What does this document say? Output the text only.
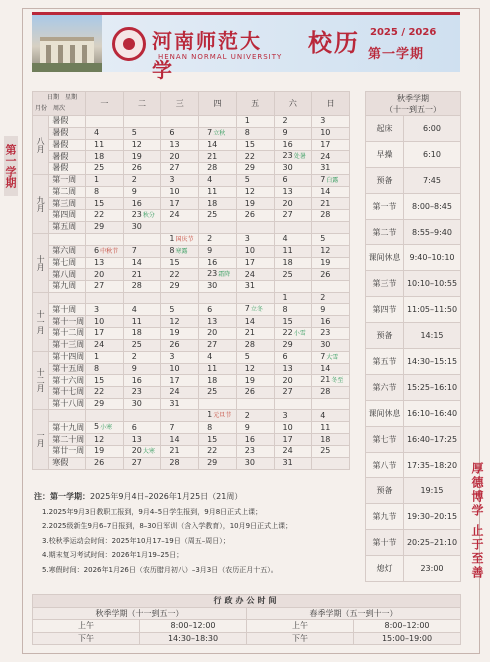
河南师范大学
HENAN NORMAL UNIVERSITY 校历 2025 / 2026
第一学期
第一学期
厚德博学 止于至善
日期　星期
月份　周次		一	二	三	四	五	六	日
八月	暑假					1	2	3
	暑假	4	5	6	7立秋	8	9	10
	暑假	11	12	13	14	15	16	17
	暑假	18	19	20	21	22	23处暑	24
	暑假	25	26	27	28	29	30	31
九月	第一周	1	2	3	4	5	6	7白露
	第二周	8	9	10	11	12	13	14
	第三周	15	16	17	18	19	20	21
	第四周	22	23秋分	24	25	26	27	28
	第五周	29	30					
十月				1国庆节	2	3	4	5
	第六周	6中秋节	7	8寒露	9	10	11	12
	第七周	13	14	15	16	17	18	19
	第八周	20	21	22	23霜降	24	25	26
	第九周	27	28	29	30	31		
十一月							1	2
	第十周	3	4	5	6	7立冬	8	9
	第十一周	10	11	12	13	14	15	16
	第十二周	17	18	19	20	21	22小雪	23
	第十三周	24	25	26	27	28	29	30
十二月	第十四周	1	2	3	4	5	6	7大雪
	第十五周	8	9	10	11	12	13	14
	第十六周	15	16	17	18	19	20	21冬至
	第十七周	22	23	24	25	26	27	28
	第十八周	29	30	31				
一月					1元旦节	2	3	4
	第十九周	5小寒	6	7	8	9	10	11
	第二十周	12	13	14	15	16	17	18
	第廿一周	19	20大寒	21	22	23	24	25
	寒假	26	27	28	29	30	31	
秋季学期
（十一到五一）	

起床	6:00
早操	6:10
预备	7:45
第一节	8:00–8:45
第二节	8:55–9:40
课间休息	9:40–10:10
第三节	10:10–10:55
第四节	11:05–11:50
预备	14:15
第五节	14:30–15:15
第六节	15:25–16:10
课间休息	16:10–16:40
第七节	16:40–17:25
第八节	17:35–18:20
预备	19:15
第九节	19:30–20:15
第十节	20:25–21:10
熄灯	23:00
注：第一学期：2025年9月4日–2026年1月25日（21周）
1.2025年9月3日教职工报到，9月4–5日学生报到，9月8日正式上课；
2.2025级新生9月6–7日报到，8–30日军训（含入学教育），10月9日正式上课；
3.校秋季运动会时间：2025年10月17–19日（周五–周日）；
4.期末复习考试时间：2026年1月19–25日；
5.寒假时间：2026年1月26日（农历腊月初八）–3月3日（农历正月十五）。
行政办公时间			
秋季学期（十一到五一）		春季学期（五一到十一）	
上午	8:00–12:00	上午	8:00–12:00
下午	14:30–18:30	下午	15:00–19:00
